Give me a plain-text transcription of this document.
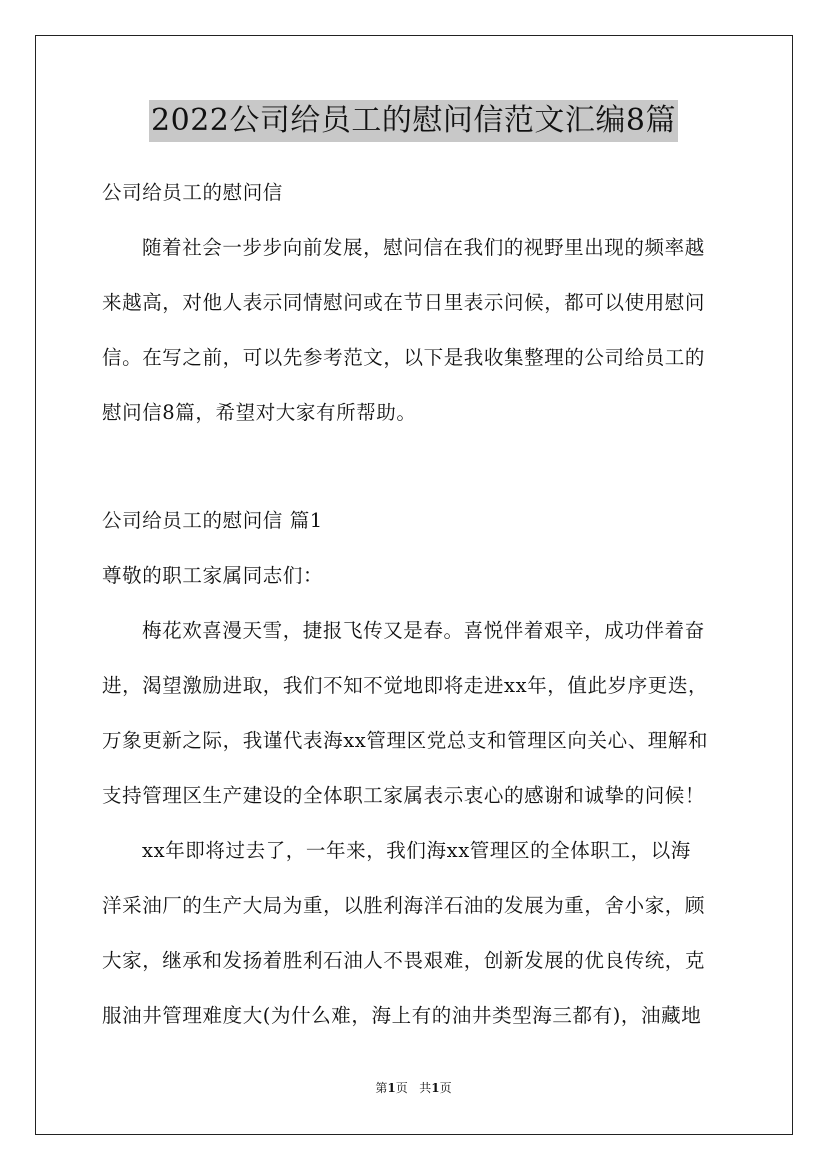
2022公司给员工的慰问信范文汇编8篇
公司给员工的慰问信
随着社会一步步向前发展，慰问信在我们的视野里出现的频率越
来越高，对他人表示同情慰问或在节日里表示问候，都可以使用慰问
信。在写之前，可以先参考范文，以下是我收集整理的公司给员工的
慰问信8篇，希望对大家有所帮助。
公司给员工的慰问信 篇1
尊敬的职工家属同志们：
梅花欢喜漫天雪，捷报飞传又是春。喜悦伴着艰辛，成功伴着奋
进，渴望激励进取，我们不知不觉地即将走进xx年，值此岁序更迭，
万象更新之际，我谨代表海xx管理区党总支和管理区向关心、理解和
支持管理区生产建设的全体职工家属表示衷心的感谢和诚挚的问候！
xx年即将过去了，一年来，我们海xx管理区的全体职工，以海
洋采油厂的生产大局为重，以胜利海洋石油的发展为重，舍小家，顾
大家，继承和发扬着胜利石油人不畏艰难，创新发展的优良传统，克
服油井管理难度大(为什么难，海上有的油井类型海三都有)，油藏地
第1页 共1页
